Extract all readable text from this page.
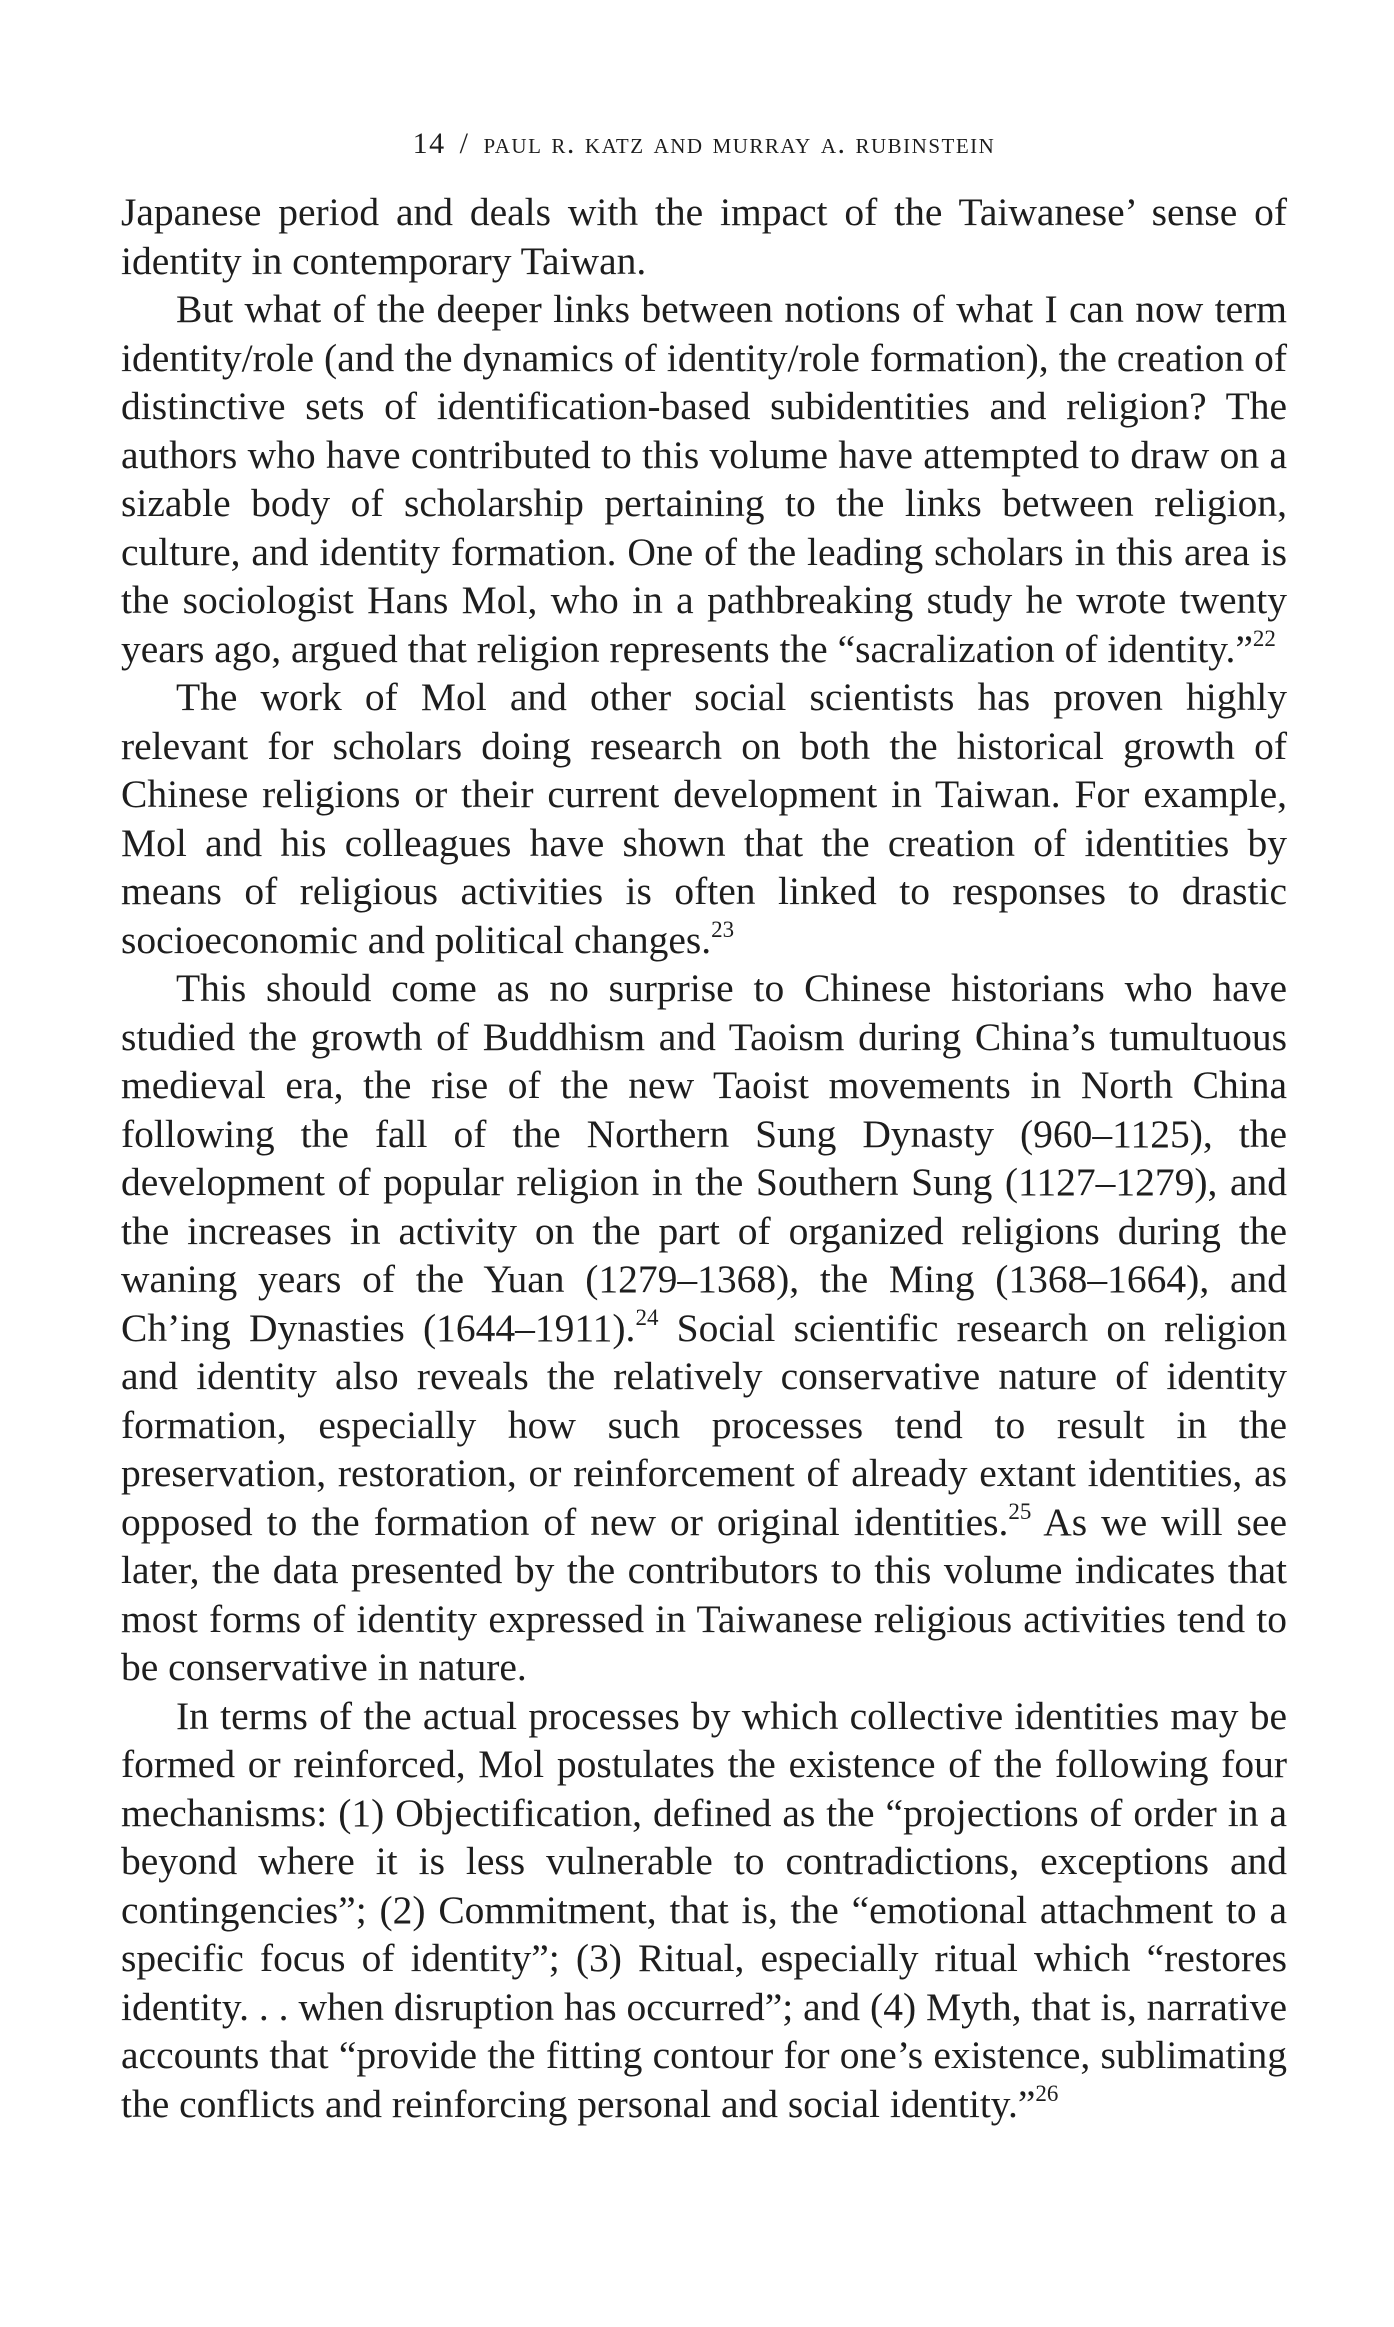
14 / paul r. katz and murray a. rubinstein

Japanese period and deals with the impact of the Taiwanese’ sense of identity in contemporary Taiwan.

But what of the deeper links between notions of what I can now term identity/role (and the dynamics of identity/role formation), the creation of distinctive sets of identification-based subidentities and religion? The authors who have contributed to this volume have attempted to draw on a sizable body of scholarship pertaining to the links between religion, culture, and identity formation. One of the leading scholars in this area is the sociologist Hans Mol, who in a pathbreaking study he wrote twenty years ago, argued that religion represents the “sacralization of identity.”$^{22}$

The work of Mol and other social scientists has proven highly relevant for scholars doing research on both the historical growth of Chinese religions or their current development in Taiwan. For example, Mol and his colleagues have shown that the creation of identities by means of religious activities is often linked to responses to drastic socioeconomic and political changes.$^{23}$

This should come as no surprise to Chinese historians who have studied the growth of Buddhism and Taoism during China’s tumultuous medieval era, the rise of the new Taoist movements in North China following the fall of the Northern Sung Dynasty (960–1125), the development of popular religion in the Southern Sung (1127–1279), and the increases in activity on the part of organized religions during the waning years of the Yuan (1279–1368), the Ming (1368–1664), and Ch’ing Dynasties (1644–1911).$^{24}$ Social scientific research on religion and identity also reveals the relatively conservative nature of identity formation, especially how such processes tend to result in the preservation, restoration, or reinforcement of already extant identities, as opposed to the formation of new or original identities.$^{25}$ As we will see later, the data presented by the contributors to this volume indicates that most forms of identity expressed in Taiwanese religious activities tend to be conservative in nature.

In terms of the actual processes by which collective identities may be formed or reinforced, Mol postulates the existence of the following four mechanisms: (1) Objectification, defined as the “projections of order in a beyond where it is less vulnerable to contradictions, exceptions and contingencies”; (2) Commitment, that is, the “emotional attachment to a specific focus of identity”; (3) Ritual, especially ritual which “restores identity. . . when disruption has occurred”; and (4) Myth, that is, narrative accounts that “provide the fitting contour for one’s existence, sublimating the conflicts and reinforcing personal and social identity.”$^{26}$
